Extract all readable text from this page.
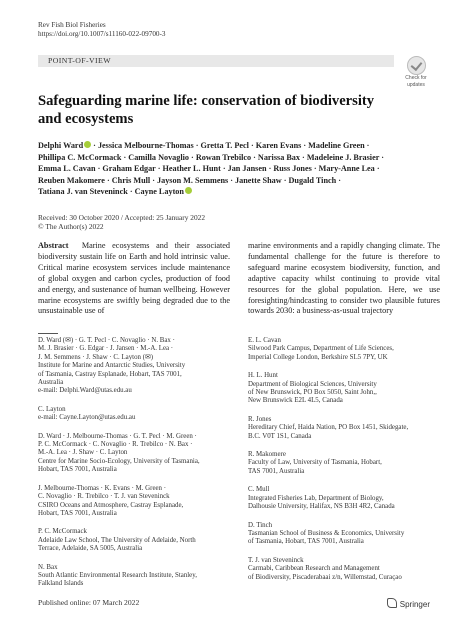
Rev Fish Biol Fisheries
https://doi.org/10.1007/s11160-022-09700-3
POINT-OF-VIEW
Check for
updates
Safeguarding marine life: conservation of biodiversity
and ecosystems
Delphi Ward · Jessica Melbourne-Thomas · Gretta T. Pecl · Karen Evans · Madeline Green ·
Phillipa C. McCormack · Camilla Novaglio · Rowan Trebilco · Narissa Bax · Madeleine J. Brasier ·
Emma L. Cavan · Graham Edgar · Heather L. Hunt · Jan Jansen · Russ Jones · Mary-Anne Lea ·
Reuben Makomere · Chris Mull · Jayson M. Semmens · Janette Shaw · Dugald Tinch ·
Tatiana J. van Steveninck · Cayne Layton
Received: 30 October 2020 / Accepted: 25 January 2022
© The Author(s) 2022
Abstract Marine ecosystems and their associated biodiversity sustain life on Earth and hold intrinsic value. Critical marine ecosystem services include maintenance of global oxygen and carbon cycles, production of food and energy, and sustenance of human wellbeing. However marine ecosystems are swiftly being degraded due to the unsustainable use of
marine environments and a rapidly changing climate. The fundamental challenge for the future is therefore to safeguard marine ecosystem biodiversity, function, and adaptive capacity whilst continuing to provide vital resources for the global population. Here, we use foresighting/hindcasting to consider two plausible futures towards 2030: a business-as-usual trajectory
D. Ward (✉) · G. T. Pecl · C. Novaglio · N. Bax ·
M. J. Brasier · G. Edgar · J. Jansen · M.-A. Lea ·
J. M. Semmens · J. Shaw · C. Layton (✉)
Institute for Marine and Antarctic Studies, University
of Tasmania, Castray Esplanade, Hobart, TAS 7001,
Australia
e-mail: Delphi.Ward@utas.edu.au
C. Layton
e-mail: Cayne.Layton@utas.edu.au
D. Ward · J. Melbourne-Thomas · G. T. Pecl · M. Green ·
P. C. McCormack · C. Novaglio · R. Trebilco · N. Bax ·
M.-A. Lea · J. Shaw · C. Layton
Centre for Marine Socio-Ecology, University of Tasmania,
Hobart, TAS 7001, Australia
J. Melbourne-Thomas · K. Evans · M. Green ·
C. Novaglio · R. Trebilco · T. J. van Steveninck
CSIRO Oceans and Atmosphere, Castray Esplanade,
Hobart, TAS 7001, Australia
P. C. McCormack
Adelaide Law School, The University of Adelaide, North
Terrace, Adelaide, SA 5005, Australia
N. Bax
South Atlantic Environmental Research Institute, Stanley,
Falkland Islands
E. L. Cavan
Silwood Park Campus, Department of Life Sciences,
Imperial College London, Berkshire SL5 7PY, UK
H. L. Hunt
Department of Biological Sciences, University
of New Brunswick, PO Box 5050, Saint John,,
New Brunswick E2L 4L5, Canada
R. Jones
Hereditary Chief, Haida Nation, PO Box 1451, Skidegate,
B.C. V0T 1S1, Canada
R. Makomere
Faculty of Law, University of Tasmania, Hobart,
TAS 7001, Australia
C. Mull
Integrated Fisheries Lab, Department of Biology,
Dalhousie University, Halifax, NS B3H 4R2, Canada
D. Tinch
Tasmanian School of Business & Economics, University
of Tasmania, Hobart, TAS 7001, Australia
T. J. van Steveninck
Carmabi, Caribbean Research and Management
of Biodiversity, Piscaderabaai z/n, Willemstad, Curaçao
Published online: 07 March 2022	Springer
